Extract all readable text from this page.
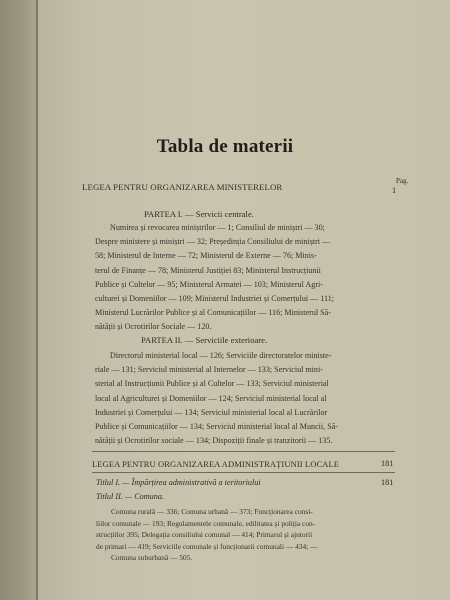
Tabla de materii
Pag.
LEGEA PENTRU ORGANIZAREA MINISTERELOR	1
PARTEA I. — Servicii centrale.

Numirea și revocarea miniștrilor — 1; Consiliul de miniștri — 30;

Despre ministere și miniștri — 32; Președinția Consiliului de miniștri —

58; Ministerul de Interne — 72; Ministerul de Externe — 76; Minis-

terul de Finanțe — 78; Ministerul Justiției 83; Ministerul Instrucțiunii

Publice și Cultelor — 95; Ministerul Armatei — 103; Ministerul Agri-

culturei și Domeniilor — 109; Ministerul Industriei și Comerțului — 111;

Ministerul Lucrărilor Publice și al Comunicațiilor — 116; Ministerul Să-

nătății și Ocrotirilor Sociale — 120.

PARTEA II. — Serviciile exterioare.

Directorul ministerial local — 126; Serviciile directoratelor ministe-

riale — 131; Serviciul ministerial al Internelor — 133; Serviciul mini-

sterial al Instrucțiunii Publice și al Cultelor — 133; Serviciul ministerial

local al Agriculturei și Domeniilor — 124; Serviciul ministerial local al

Industriei și Comerțului — 134; Serviciul ministerial local al Lucrărilor

Publice și Comunicațiilor — 134; Serviciul ministerial local al Muncii, Să-

nătății și Ocrotirilor sociale — 134; Dispoziții finale și tranzitorii — 135.

LEGEA PENTRU ORGANIZAREA ADMINISTRAȚIUNII LOCALE	181
Titlul I. — Împărțirea administrativă a teritoriului	181
Titlul II. — Comuna.

Comuna rurală — 336; Comuna urbană — 373; Funcționarea consi-

liilor comunale — 193; Regulamentele comunale, edilitatea și poliția con-

strucțiilor 395; Delegația consiliului comunal — 414; Primarul și ajutorii

de primari — 419; Serviciile comunale și funcționarii comunali — 434; —

Comuna suburbană — 505.
